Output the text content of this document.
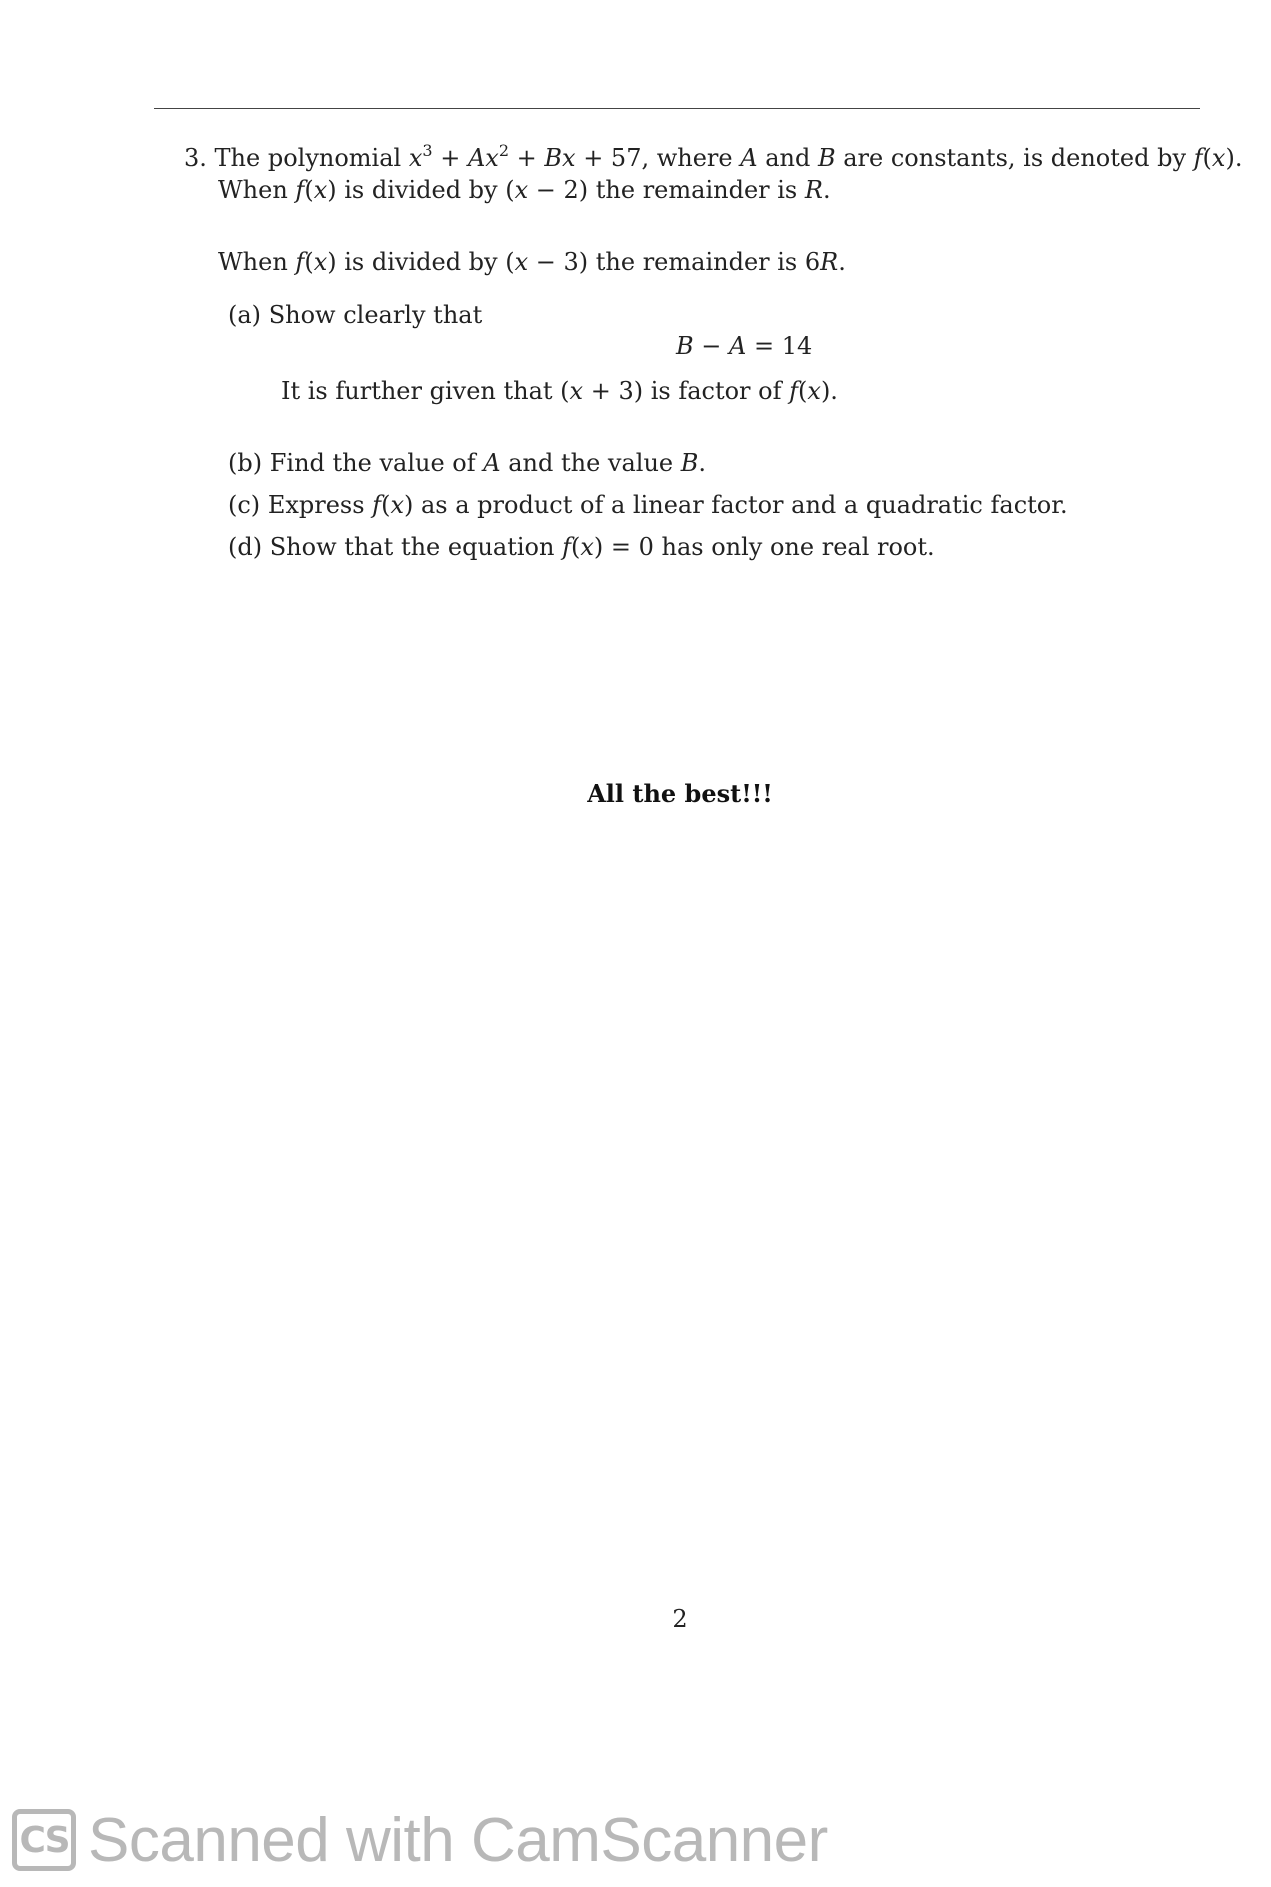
3. The polynomial $x^3 + Ax^2 + Bx + 57$, where A and B are constants, is denoted by f(x).
When f(x) is divided by (x − 2) the remainder is R.
When f(x) is divided by (x − 3) the remainder is 6R.
(a) Show clearly that
B − A = 14
It is further given that (x + 3) is factor of f(x).
(b) Find the value of A and the value B.
(c) Express f(x) as a product of a linear factor and a quadratic factor.
(d) Show that the equation f(x) = 0 has only one real root.
All the best!!!
2
CS Scanned with CamScanner
